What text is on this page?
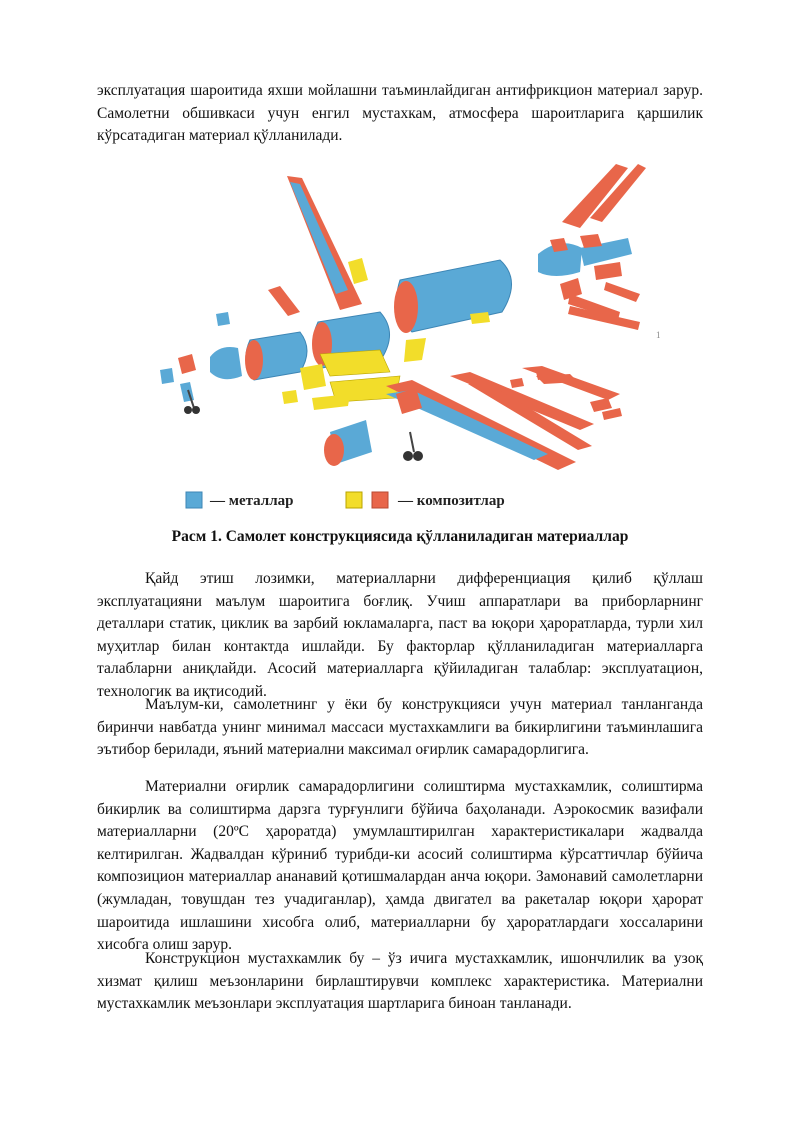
эксплуатация шароитида яхши мойлашни таъминлайдиган антифрикцион материал зарур. Самолетни обшивкаси учун енгил мустахкам, атмосфера шароитларига қаршилик кўрсатадиган материал қўлланилади.

1
— металлар	— композитлар
Расм 1. Самолет конструкциясида қўлланиладиган материаллар

Қайд этиш лозимки, материалларни дифференциация қилиб қўллаш эксплуатацияни маълум шароитига боғлиқ. Учиш аппаратлари ва приборларнинг деталлари статик, циклик ва зарбий юкламаларга, паст ва юқори ҳароратларда, турли хил муҳитлар билан контактда ишлайди. Бу факторлар қўлланиладиган материалларга талабларни аниқлайди. Асосий материалларга қўйиладиган талаблар: эксплуатацион, технологик ва иқтисодий.

Маълум-ки, самолетнинг у ёки бу конструкцияси учун материал танланганда биринчи навбатда унинг минимал массаси мустахкамлиги ва бикирлигини таъминлашига эътибор берилади, яъний материални максимал оғирлик самарадорлигига.

Материални оғирлик самарадорлигини солиштирма мустахкамлик, солиштирма бикирлик ва солиштирма дарзга турғунлиги бўйича баҳоланади. Аэрокосмик вазифали материалларни (20ºС ҳароратда) умумлаштирилган характеристикалари жадвалда келтирилган. Жадвалдан кўриниб турибди-ки асосий солиштирма кўрсаттичлар бўйича композицион материаллар ананавий қотишмалардан анча юқори. Замонавий самолетларни (жумладан, товушдан тез учадиганлар), ҳамда двигател ва ракеталар юқори ҳарорат шароитида ишлашини хисобга олиб, материалларни бу ҳароратлардаги хоссаларини хисобга олиш зарур.

Конструкцион мустахкамлик бу – ўз ичига мустахкамлик, ишончлилик ва узоқ хизмат қилиш меъзонларини бирлаштирувчи комплекс характеристика. Материални мустахкамлик меъзонлари эксплуатация шартларига биноан танланади.
